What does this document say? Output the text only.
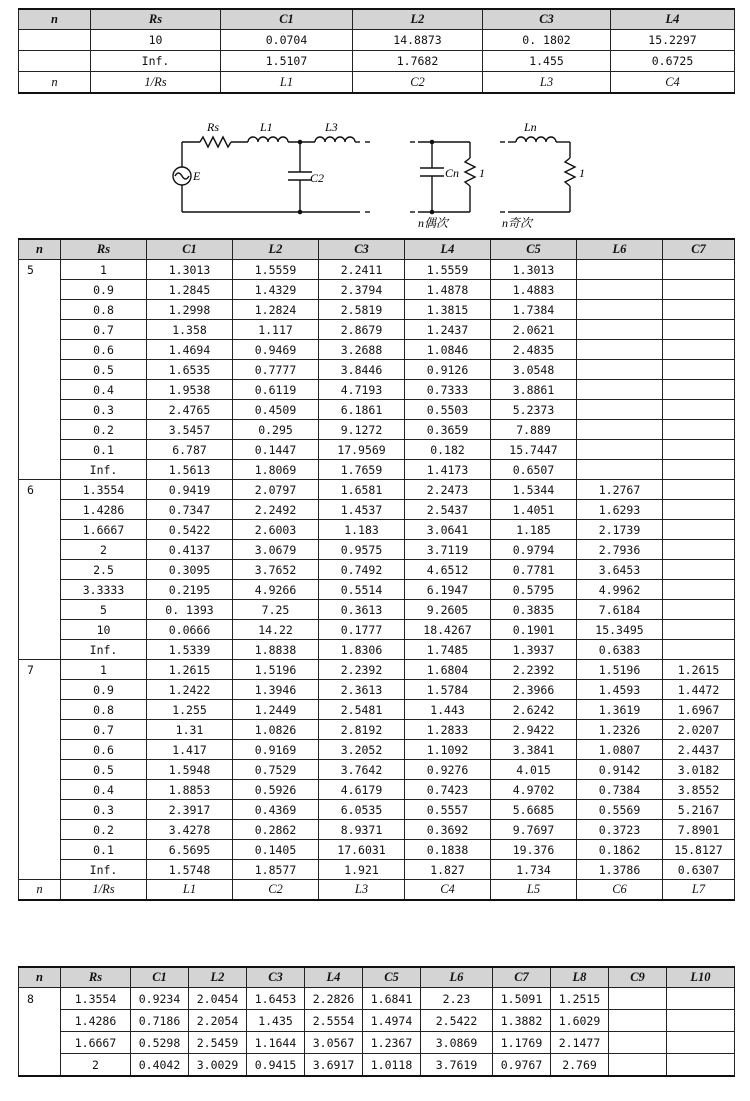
n	Rs	C1	L2	C3	L4
	10	0.0704	14.8873	0. 1802	15.2297
	Inf.	1.5107	1.7682	1.455	0.6725
n	1/Rs	L1	C2	L3	C4
Rs	L1	L3
C2
E	Cn 1
Ln
1
n偶次	n奇次
n	Rs	C1	L2	C3	L4	C5	L6	C7
5	1	1.3013	1.5559	2.2411	1.5559	1.3013		
	0.9	1.2845	1.4329	2.3794	1.4878	1.4883		
	0.8	1.2998	1.2824	2.5819	1.3815	1.7384		
	0.7	1.358	1.117	2.8679	1.2437	2.0621		
	0.6	1.4694	0.9469	3.2688	1.0846	2.4835		
	0.5	1.6535	0.7777	3.8446	0.9126	3.0548		
	0.4	1.9538	0.6119	4.7193	0.7333	3.8861		
	0.3	2.4765	0.4509	6.1861	0.5503	5.2373		
	0.2	3.5457	0.295	9.1272	0.3659	7.889		
	0.1	6.787	0.1447	17.9569	0.182	15.7447		
	Inf.	1.5613	1.8069	1.7659	1.4173	0.6507		
6	1.3554	0.9419	2.0797	1.6581	2.2473	1.5344	1.2767	
	1.4286	0.7347	2.2492	1.4537	2.5437	1.4051	1.6293	
	1.6667	0.5422	2.6003	1.183	3.0641	1.185	2.1739	
	2	0.4137	3.0679	0.9575	3.7119	0.9794	2.7936	
	2.5	0.3095	3.7652	0.7492	4.6512	0.7781	3.6453	
	3.3333	0.2195	4.9266	0.5514	6.1947	0.5795	4.9962	
	5	0. 1393	7.25	0.3613	9.2605	0.3835	7.6184	
	10	0.0666	14.22	0.1777	18.4267	0.1901	15.3495	
	Inf.	1.5339	1.8838	1.8306	1.7485	1.3937	0.6383	
7	1	1.2615	1.5196	2.2392	1.6804	2.2392	1.5196	1.2615
	0.9	1.2422	1.3946	2.3613	1.5784	2.3966	1.4593	1.4472
	0.8	1.255	1.2449	2.5481	1.443	2.6242	1.3619	1.6967
	0.7	1.31	1.0826	2.8192	1.2833	2.9422	1.2326	2.0207
	0.6	1.417	0.9169	3.2052	1.1092	3.3841	1.0807	2.4437
	0.5	1.5948	0.7529	3.7642	0.9276	4.015	0.9142	3.0182
	0.4	1.8853	0.5926	4.6179	0.7423	4.9702	0.7384	3.8552
	0.3	2.3917	0.4369	6.0535	0.5557	5.6685	0.5569	5.2167
	0.2	3.4278	0.2862	8.9371	0.3692	9.7697	0.3723	7.8901
	0.1	6.5695	0.1405	17.6031	0.1838	19.376	0.1862	15.8127
	Inf.	1.5748	1.8577	1.921	1.827	1.734	1.3786	0.6307
n	1/Rs	L1	C2	L3	C4	L5	C6	L7
n	Rs	C1	L2	C3	L4	C5	L6	C7	L8	C9	L10
8	1.3554	0.9234	2.0454	1.6453	2.2826	1.6841	2.23	1.5091	1.2515		
	1.4286	0.7186	2.2054	1.435	2.5554	1.4974	2.5422	1.3882	1.6029		
	1.6667	0.5298	2.5459	1.1644	3.0567	1.2367	3.0869	1.1769	2.1477		
	2	0.4042	3.0029	0.9415	3.6917	1.0118	3.7619	0.9767	2.769		
